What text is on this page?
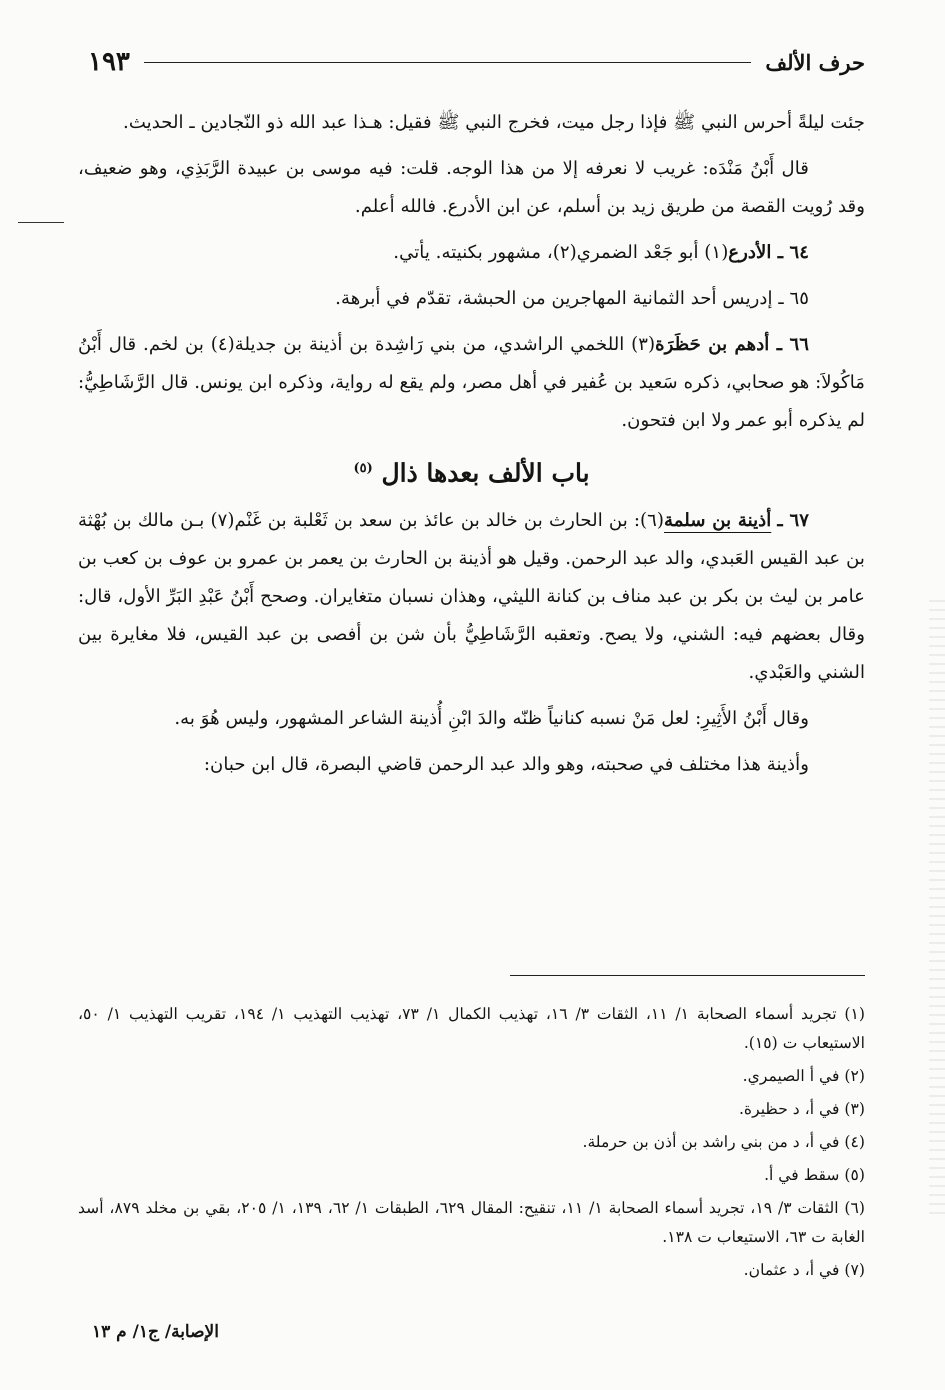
حرف الألف
١٩٣

جئت ليلةً أحرس النبي ﷺ فإذا رجل ميت، فخرج النبي ﷺ فقيل: هـذا عبد الله ذو النّجادين ـ الحديث.

قال أَبْنُ مَنْدَه: غريب لا نعرفه إلا من هذا الوجه. قلت: فيه موسى بن عبيدة الرَّبَذِي، وهو ضعيف، وقد رُويت القصة من طريق زيد بن أسلم، عن ابن الأدرع. فالله أعلم.

٦٤ ـ الأدرع(١) أبو جَعْد الضمري(٢)، مشهور بكنيته. يأتي.

٦٥ ـ إدريس أحد الثمانية المهاجرين من الحبشة، تقدّم في أبرهة.

٦٦ ـ أدهم بن حَظَرَة(٣) اللخمي الراشدي، من بني رَاشِدة بن أذينة بن جديلة(٤) بن لخم. قال أَبْنُ مَاكُولاَ: هو صحابي، ذكره سَعيد بن عُفير في أهل مصر، ولم يقع له رواية، وذكره ابن يونس. قال الرَّشَاطِيُّ: لم يذكره أبو عمر ولا ابن فتحون.

باب الألف بعدها ذال $^{(٥)}$

٦٧ ـ أذينة بن سلمة(٦): بن الحارث بن خالد بن عائذ بن سعد بن ثَعْلبة بن غَنْم(٧) بـن مالك بن بُهْثة بن عبد القيس العَبدي، والد عبد الرحمن. وقيل هو أذينة بن الحارث بن يعمر بن عمرو بن عوف بن كعب بن عامر بن ليث بن بكر بن عبد مناف بن كنانة الليثي، وهذان نسبان متغايران. وصحح أَبْنُ عَبْدِ البَرِّ الأول، قال: وقال بعضهم فيه: الشني، ولا يصح. وتعقبه الرَّشَاطِيُّ بأن شن بن أفصى بن عبد القيس، فلا مغايرة بين الشني والعَبْدي.

وقال أَبْنُ الأَثِيرِ: لعل مَنْ نسبه كنانياً ظنّه والدَ ابْنِ أُذينة الشاعر المشهور، وليس هُوَ به.

وأذينة هذا مختلف في صحبته، وهو والد عبد الرحمن قاضي البصرة، قال ابن حبان:

(١) تجريد أسماء الصحابة ١/ ١١، الثقات ٣/ ١٦، تهذيب الكمال ١/ ٧٣، تهذيب التهذيب ١/ ١٩٤، تقريب التهذيب ١/ ٥٠، الاستيعاب ت (١٥).

(٢) في أ الصيمري.

(٣) في أ، د حظيرة.

(٤) في أ، د من بني راشد بن أذن بن حرملة.

(٥) سقط في أ.

(٦) الثقات ٣/ ١٩، تجريد أسماء الصحابة ١/ ١١، تنقيح: المقال ٦٢٩، الطبقات ١/ ٦٢، ١٣٩، ١/ ٢٠٥، بقي بن مخلد ٨٧٩، أسد الغابة ت ٦٣، الاستيعاب ت ١٣٨.

(٧) في أ، د عثمان.

الإصابة/ ج١/ م ١٣
